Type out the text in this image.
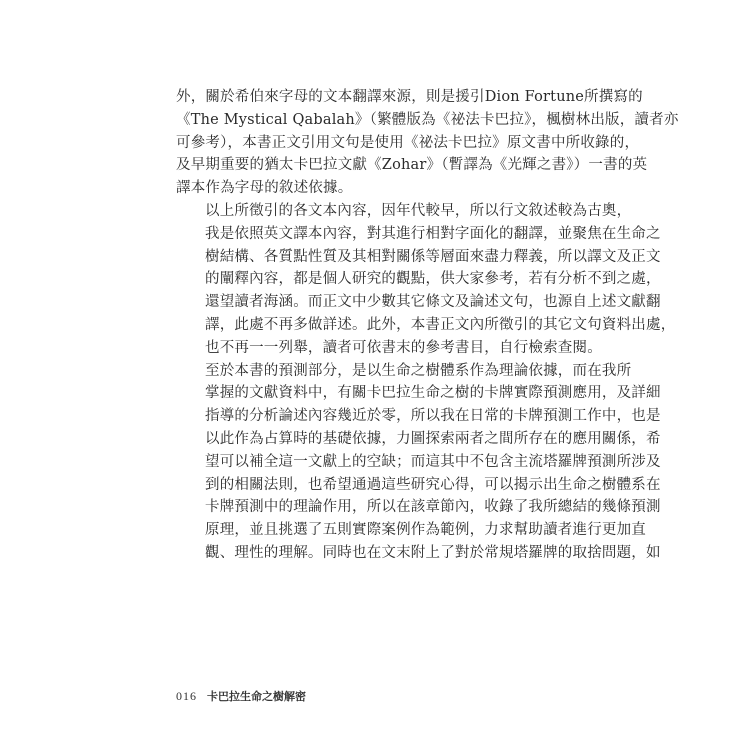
外，關於希伯來字母的文本翻譯來源，則是援引Dion Fortune所撰寫的
《The Mystical Qabalah》（繁體版為《祕法卡巴拉》，楓樹林出版，讀者亦
可參考），本書正文引用文句是使用《祕法卡巴拉》原文書中所收錄的，
及早期重要的猶太卡巴拉文獻《Zohar》（暫譯為《光輝之書》）一書的英
譯本作為字母的敘述依據。
以上所徵引的各文本內容，因年代較早，所以行文敘述較為古奧，
我是依照英文譯本內容，對其進行相對字面化的翻譯，並聚焦在生命之
樹結構、各質點性質及其相對關係等層面來盡力釋義，所以譯文及正文
的闡釋內容，都是個人研究的觀點，供大家參考，若有分析不到之處，
還望讀者海涵。而正文中少數其它條文及論述文句，也源自上述文獻翻
譯，此處不再多做詳述。此外，本書正文內所徵引的其它文句資料出處，
也不再一一列舉，讀者可依書末的參考書目，自行檢索查閱。
至於本書的預測部分，是以生命之樹體系作為理論依據，而在我所
掌握的文獻資料中，有關卡巴拉生命之樹的卡牌實際預測應用，及詳細
指導的分析論述內容幾近於零，所以我在日常的卡牌預測工作中，也是
以此作為占算時的基礎依據，力圖探索兩者之間所存在的應用關係，希
望可以補全這一文獻上的空缺；而這其中不包含主流塔羅牌預測所涉及
到的相關法則，也希望通過這些研究心得，可以揭示出生命之樹體系在
卡牌預測中的理論作用，所以在該章節內，收錄了我所總結的幾條預測
原理，並且挑選了五則實際案例作為範例，力求幫助讀者進行更加直
觀、理性的理解。同時也在文末附上了對於常規塔羅牌的取捨問題，如
016 卡巴拉生命之樹解密
